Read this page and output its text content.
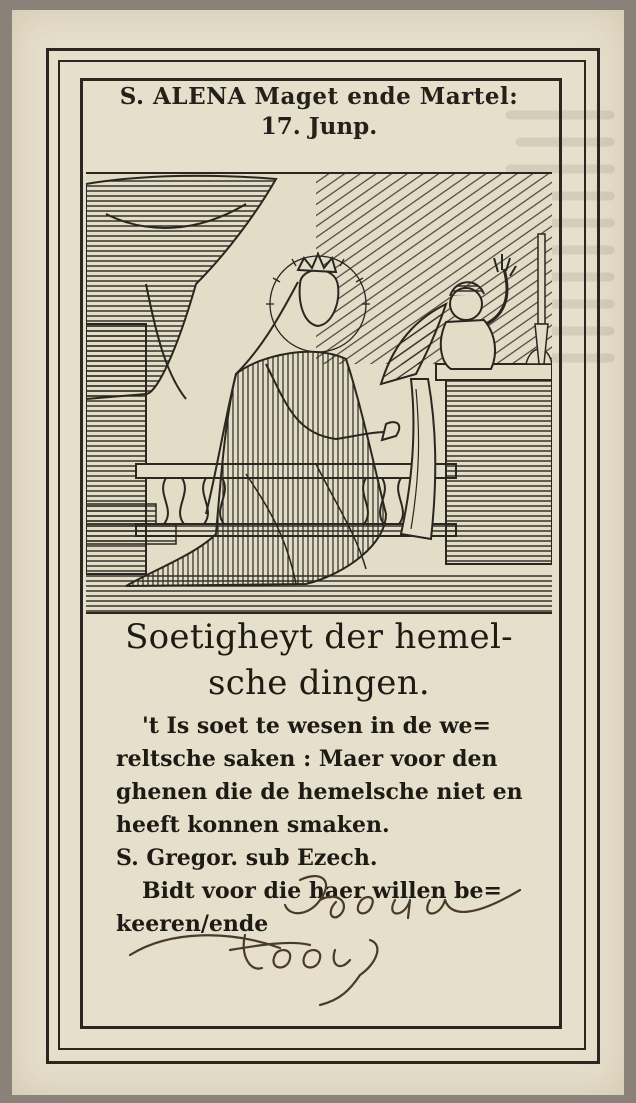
S. ALENA Maget ende Martel:
17. Junp.
Soetigheyt der hemel-
sche dingen.
't Is soet te wesen in de we=
reltsche saken : Maer voor den
ghenen die de hemelsche niet en
heeft konnen smaken.
S. Gregor. sub Ezech.
Bidt voor die haer willen be=
keeren/ende
